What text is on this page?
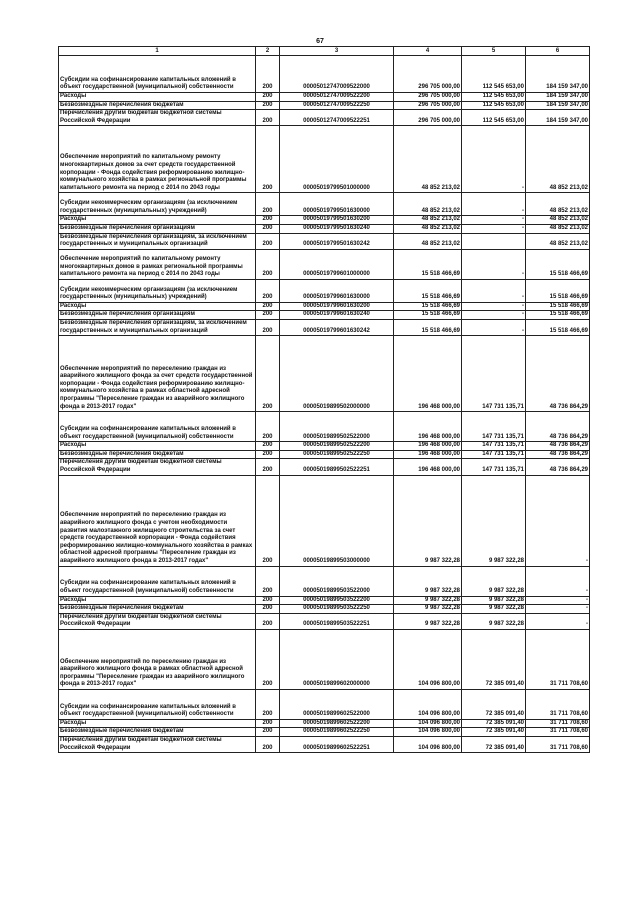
67
1	2	3	4	5	6
Субсидии на софинансирование капитальных вложений в объект государственной (муниципальной) собственности	200	00005012747009522000	296 705 000,00	112 545 653,00	184 159 347,00
Расходы	200	00005012747009522200	296 705 000,00	112 545 653,00	184 159 347,00
Безвозмездные перечисления бюджетам	200	00005012747009522250	296 705 000,00	112 545 653,00	184 159 347,00
Перечисления другим бюджетам бюджетной системы Российской Федерации	200	00005012747009522251	296 705 000,00	112 545 653,00	184 159 347,00
Обеспечение мероприятий по капитальному ремонту многоквартирных домов за счет средств государственной корпорации - Фонда содействия реформированию жилищно-коммунального хозяйства в рамках региональной программы капитального ремонта на период с 2014 по 2043 годы	200	00005019799501000000	48 852 213,02	-	48 852 213,02
Субсидии некоммерческим организациям (за исключением государственных (муниципальных) учреждений)	200	00005019799501630000	48 852 213,02	-	48 852 213,02
Расходы	200	00005019799501630200	48 852 213,02	-	48 852 213,02
Безвозмездные перечисления организациям	200	00005019799501630240	48 852 213,02	-	48 852 213,02
Безвозмездные перечисления организациям, за исключением государственных и муниципальных организаций	200	00005019799501630242	48 852 213,02		48 852 213,02
Обеспечение мероприятий по капитальному ремонту многоквартирных домов в рамках региональной программы капитального ремонта на период с 2014 по 2043 годы	200	00005019799601000000	15 518 466,69	-	15 518 466,69
Субсидии некоммерческим организациям (за исключением государственных (муниципальных) учреждений)	200	00005019799601630000	15 518 466,69	-	15 518 466,69
Расходы	200	00005019799601630200	15 518 466,69	-	15 518 466,69
Безвозмездные перечисления организациям	200	00005019799601630240	15 518 466,69	-	15 518 466,69
Безвозмездные перечисления организациям, за исключением государственных и муниципальных организаций	200	00005019799601630242	15 518 466,69	-	15 518 466,69
Обеспечение мероприятий по переселению граждан из аварийного жилищного фонда за счет средств государственной корпорации - Фонда содействия реформированию жилищно-коммунального хозяйства в рамках областной адресной программы "Переселение граждан из аварийного жилищного фонда в 2013-2017 годах"	200	00005019899502000000	196 468 000,00	147 731 135,71	48 736 864,29
Субсидии на софинансирование капитальных вложений в объект государственной (муниципальной) собственности	200	00005019899502522000	196 468 000,00	147 731 135,71	48 736 864,29
Расходы	200	00005019899502522200	196 468 000,00	147 731 135,71	48 736 864,29
Безвозмездные перечисления бюджетам	200	00005019899502522250	196 468 000,00	147 731 135,71	48 736 864,29
Перечисления другим бюджетам бюджетной системы Российской Федерации	200	00005019899502522251	196 468 000,00	147 731 135,71	48 736 864,29
Обеспечение мероприятий по переселению граждан из аварийного жилищного фонда с учетом необходимости развития малоэтажного жилищного строительства за счет средств государственной корпорации - Фонда содействия реформированию жилищно-коммунального хозяйства в рамках областной адресной программы "Переселение граждан из аварийного жилищного фонда в 2013-2017 годах"	200	00005019899503000000	9 987 322,28	9 987 322,28	-
Субсидии на софинансирование капитальных вложений в объект государственной (муниципальной) собственности	200	00005019899503522000	9 987 322,28	9 987 322,28	-
Расходы	200	00005019899503522200	9 987 322,28	9 987 322,28	-
Безвозмездные перечисления бюджетам	200	00005019899503522250	9 987 322,28	9 987 322,28	-
Перечисления другим бюджетам бюджетной системы Российской Федерации	200	00005019899503522251	9 987 322,28	9 987 322,28	-
Обеспечение мероприятий по переселению граждан из аварийного жилищного фонда в рамках областной адресной программы "Переселение граждан из аварийного жилищного фонда в 2013-2017 годах"	200	00005019899602000000	104 096 800,00	72 385 091,40	31 711 708,60
Субсидии на софинансирование капитальных вложений в объект государственной (муниципальной) собственности	200	00005019899602522000	104 096 800,00	72 385 091,40	31 711 708,60
Расходы	200	00005019899602522200	104 096 800,00	72 385 091,40	31 711 708,60
Безвозмездные перечисления бюджетам	200	00005019899602522250	104 096 800,00	72 385 091,40	31 711 708,60
Перечисления другим бюджетам бюджетной системы Российской Федерации	200	00005019899602522251	104 096 800,00	72 385 091,40	31 711 708,60
